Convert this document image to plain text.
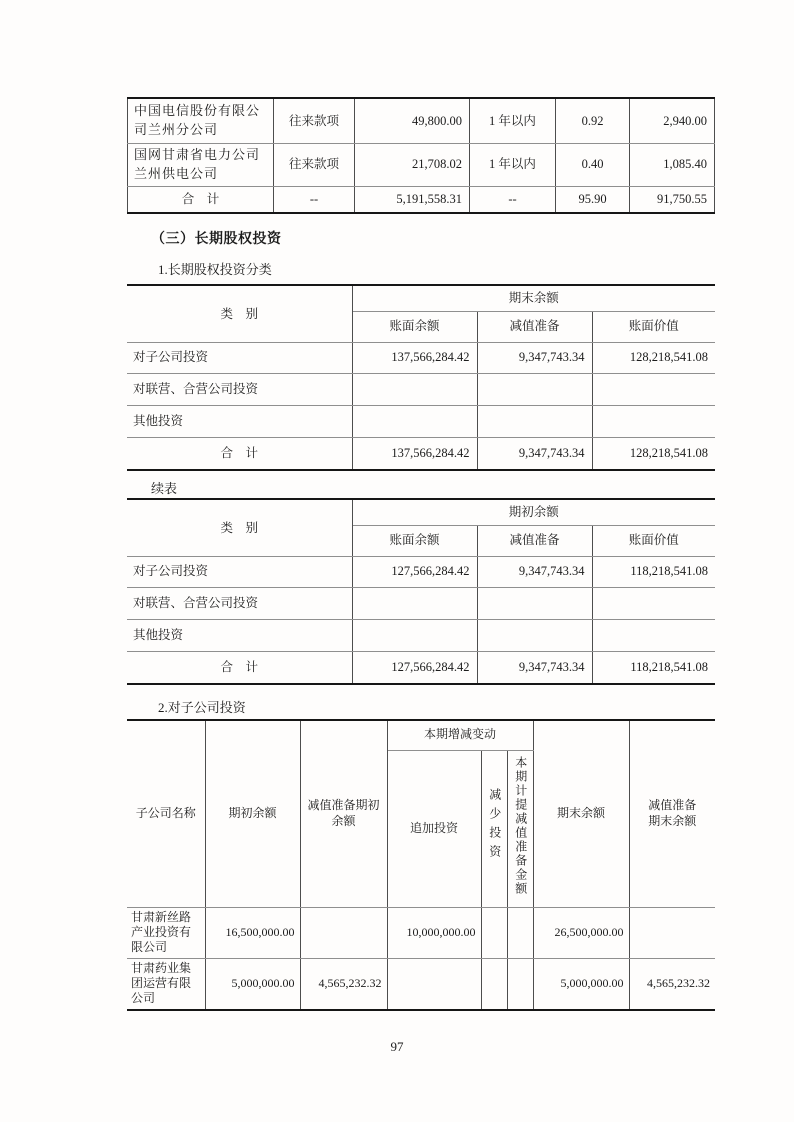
中国电信股份有限公司兰州分公司	往来款项	49,800.00	1 年以内	0.92	2,940.00
国网甘肃省电力公司兰州供电公司	往来款项	21,708.02	1 年以内	0.40	1,085.40
合　计	--	5,191,558.31	--	95.90	91,750.55
（三）长期股权投资
1.长期股权投资分类
类　别	期末余额		
	账面余额	减值准备	账面价值
对子公司投资	137,566,284.42	9,347,743.34	128,218,541.08
对联营、合营公司投资			
其他投资			
合　计	137,566,284.42	9,347,743.34	128,218,541.08
续表
类　别	期初余额		
	账面余额	减值准备	账面价值
对子公司投资	127,566,284.42	9,347,743.34	118,218,541.08
对联营、合营公司投资			
其他投资			
合　计	127,566,284.42	9,347,743.34	118,218,541.08
2.对子公司投资
子公司名称	期初余额	减值准备期初余额	本期增减变动			期末余额	减值准备期末余额
			追加投资	减少投资	本期计提减值准备金额		
甘肃新丝路产业投资有限公司	16,500,000.00		10,000,000.00			26,500,000.00	
甘肃药业集团运营有限公司	5,000,000.00	4,565,232.32				5,000,000.00	4,565,232.32
97
